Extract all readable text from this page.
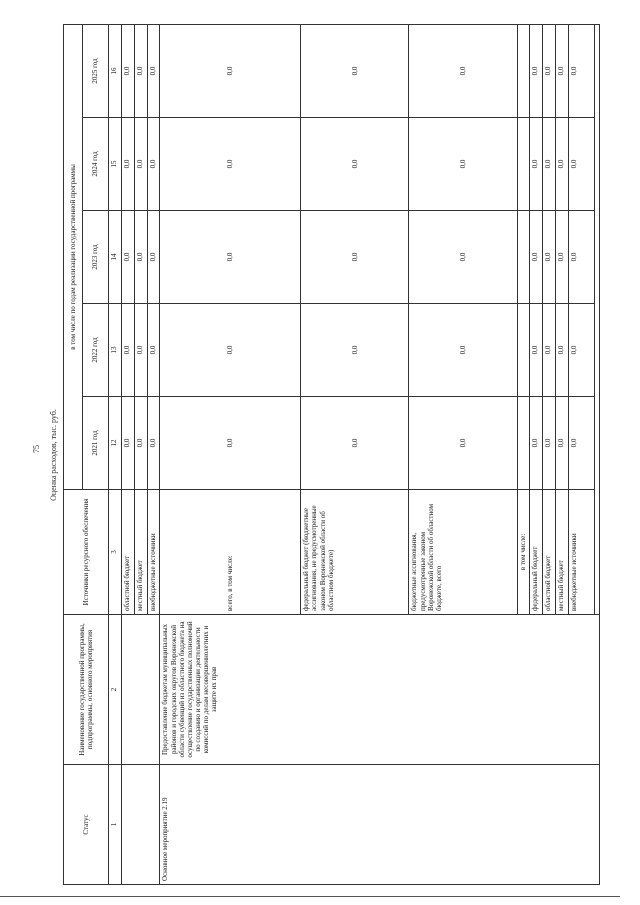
75	Оценка расходов, тыс. руб.
Статус	Наименование государственной программы, подпрограммы, основного мероприятия	Источники ресурсного обеспечения	в том числе по годам реализации государственной программы				
			2021 год	2022 год	2023 год	2024 год	2025 год
1	2	3	12	13	14	15	16
		областной бюджет	0,0	0,0	0,0	0,0	0,0
		местный бюджет	0,0	0,0	0,0	0,0	0,0
		внебюджетные источники	0,0	0,0	0,0	0,0	0,0
Основное мероприятие 2.19	Предоставление бюджетам муниципальных районов и городских округов Воронежской области субвенций из областного бюджета на осуществление государственных полномочий по созданию и организации деятельности комиссий по делам несовершеннолетних и защите их прав	всего, в том числе:	0,0	0,0	0,0	0,0	0,0
		федеральный бюджет (бюджетные ассигнования, не предусмотренные законом Воронежской области об областном бюджете)	0,0	0,0	0,0	0,0	0,0
		бюджетные ассигнования, предусмотренные законом Воронежской области об областном бюджете, всего	0,0	0,0	0,0	0,0	0,0
		в том числе:					
		федеральный бюджет	0,0	0,0	0,0	0,0	0,0
		областной бюджет	0,0	0,0	0,0	0,0	0,0
		местный бюджет	0,0	0,0	0,0	0,0	0,0
		внебюджетные источники	0,0	0,0	0,0	0,0	0,0
